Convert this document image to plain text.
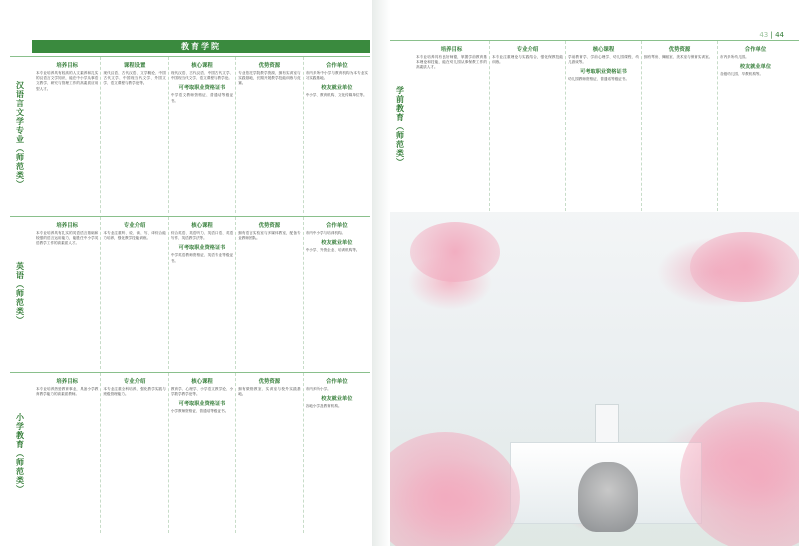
教育学院
汉语言文学专业（师范类）
培养目标

本专业培养具有较高的人文素养和扎实的汉语言文学知识，能在中小学从事语文教学、研究与管理工作的高素质应用型人才。

课程设置

现代汉语、古代汉语、文学概论、中国古代文学、中国现当代文学、外国文学、语文课程与教学论等。

核心课程

现代汉语、古代汉语、中国古代文学、中国现当代文学、语文课程与教学论。

可考取职业资格证书

中学语文教师资格证、普通话等级证书。

优势资源

专业依托学院教学资源，拥有实训室与实践基地，长期开展教学技能训练与竞赛。

合作单位

市内多所中小学与教育机构为本专业实习实践基地。

校友就业单位

中小学、教育机构、文化传媒单位等。

英语（师范类）
培养目标

本专业培养具有扎实的英语语言基础和较强的语言运用能力，能胜任中小学英语教学工作的高素质人才。

专业介绍

本专业注重听、说、读、写、译综合能力培养，强化教学技能训练。

核心课程

综合英语、英语听力、英语口语、英语写作、英语教学法等。

可考取职业资格证书

中学英语教师资格证、英语专业等级证书。

优势资源

拥有语言实验室与多媒体教室，配备专业教师团队。

合作单位

市内中小学与培训机构。

校友就业单位

中小学、外资企业、培训机构等。

小学教育（师范类）
培养目标

本专业培养热爱教育事业，具备小学教育教学能力的高素质教师。

专业介绍

本专业注重全科培养，强化教学实践与班级管理能力。

核心课程

教育学、心理学、小学语文教学论、小学数学教学论等。

可考取职业资格证书

小学教师资格证、普通话等级证书。

优势资源

拥有微格教室、实训室与校外实践基地。

合作单位

市内多所小学。

校友就业单位

各地小学及教育机构。

43 | 44
学前教育（师范类）
培养目标

本专业培养具有良好师德，掌握学前教育基本理论和技能，能在幼儿园从事保教工作的高素质人才。

专业介绍

本专业注重理论与实践结合，强化保教技能训练。

核心课程

学前教育学、学前心理学、幼儿园课程、幼儿游戏等。

可考取职业资格证书

幼儿园教师资格证、普通话等级证书。

优势资源

拥有琴房、舞蹈室、美术室与保育实训室。

合作单位

市内多所幼儿园。

校友就业单位

各级幼儿园、早教机构等。
